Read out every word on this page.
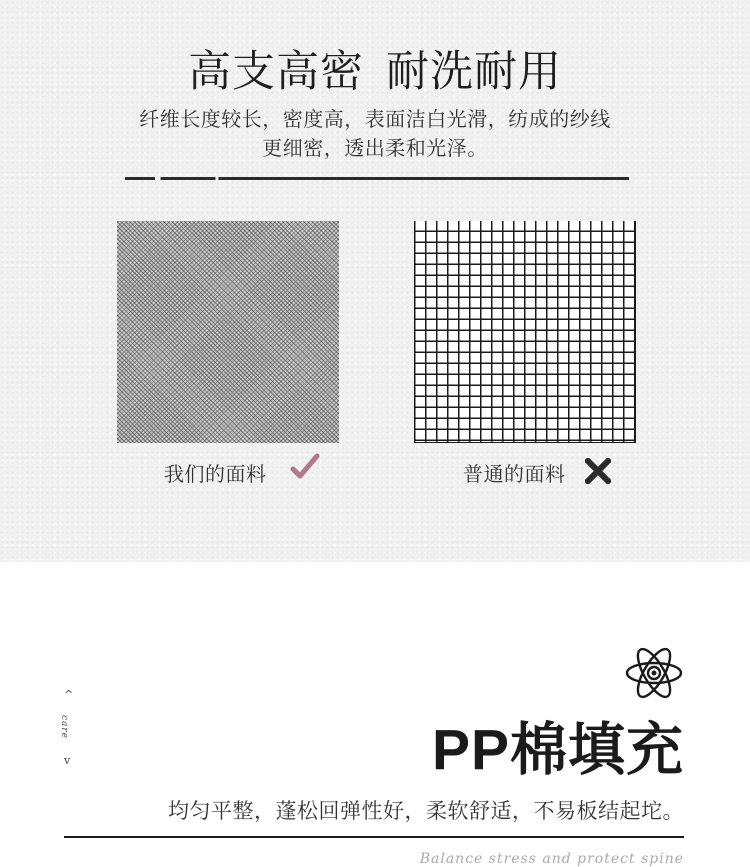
高支高密 耐洗耐用
纤维长度较长，密度高，表面洁白光滑，纺成的纱线
更细密，透出柔和光泽。
我们的面料	普通的面料
^
care
v	PP棉填充
均匀平整，蓬松回弹性好，柔软舒适，不易板结起坨。
Balance stress and protect spine
